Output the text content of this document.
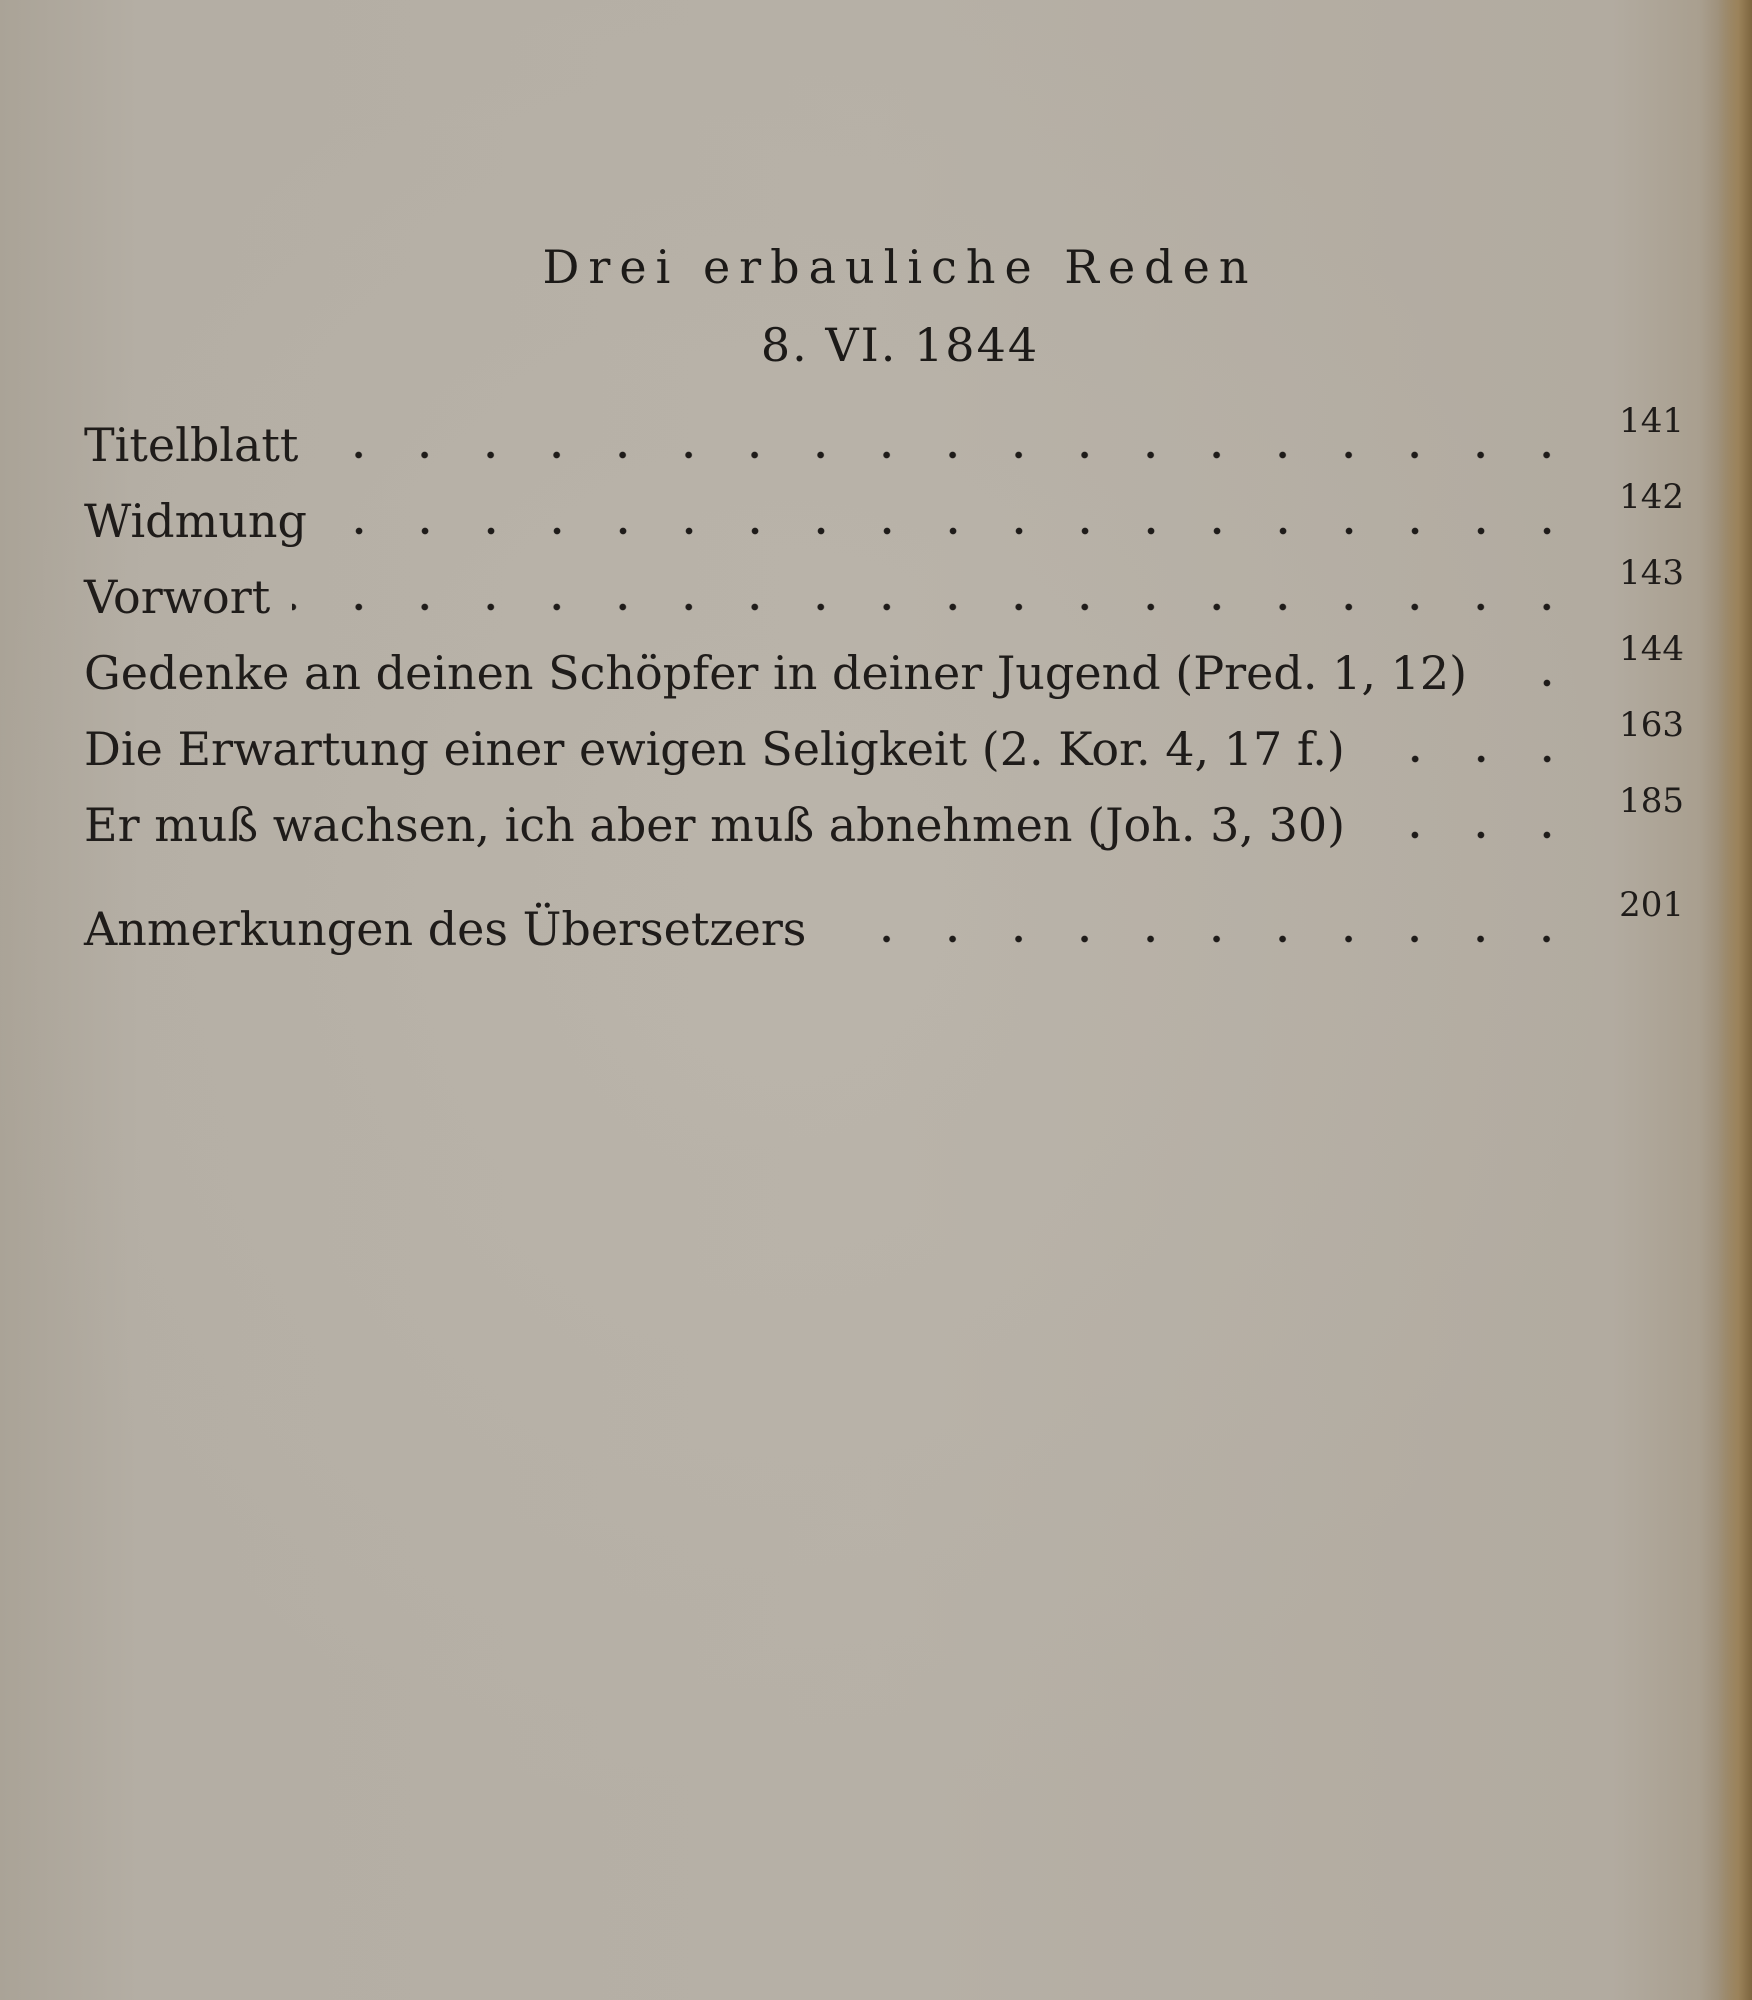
Drei erbauliche Reden
8. VI. 1844
Titelblatt	141
Widmung	142
Vorwort	143
Gedenke an deinen Schöpfer in deiner Jugend (Pred. 1, 12)	144
Die Erwartung einer ewigen Seligkeit (2. Kor. 4, 17 f.)	163
Er muß wachsen, ich aber muß abnehmen (Joh. 3, 30)	185
Anmerkungen des Übersetzers	201
